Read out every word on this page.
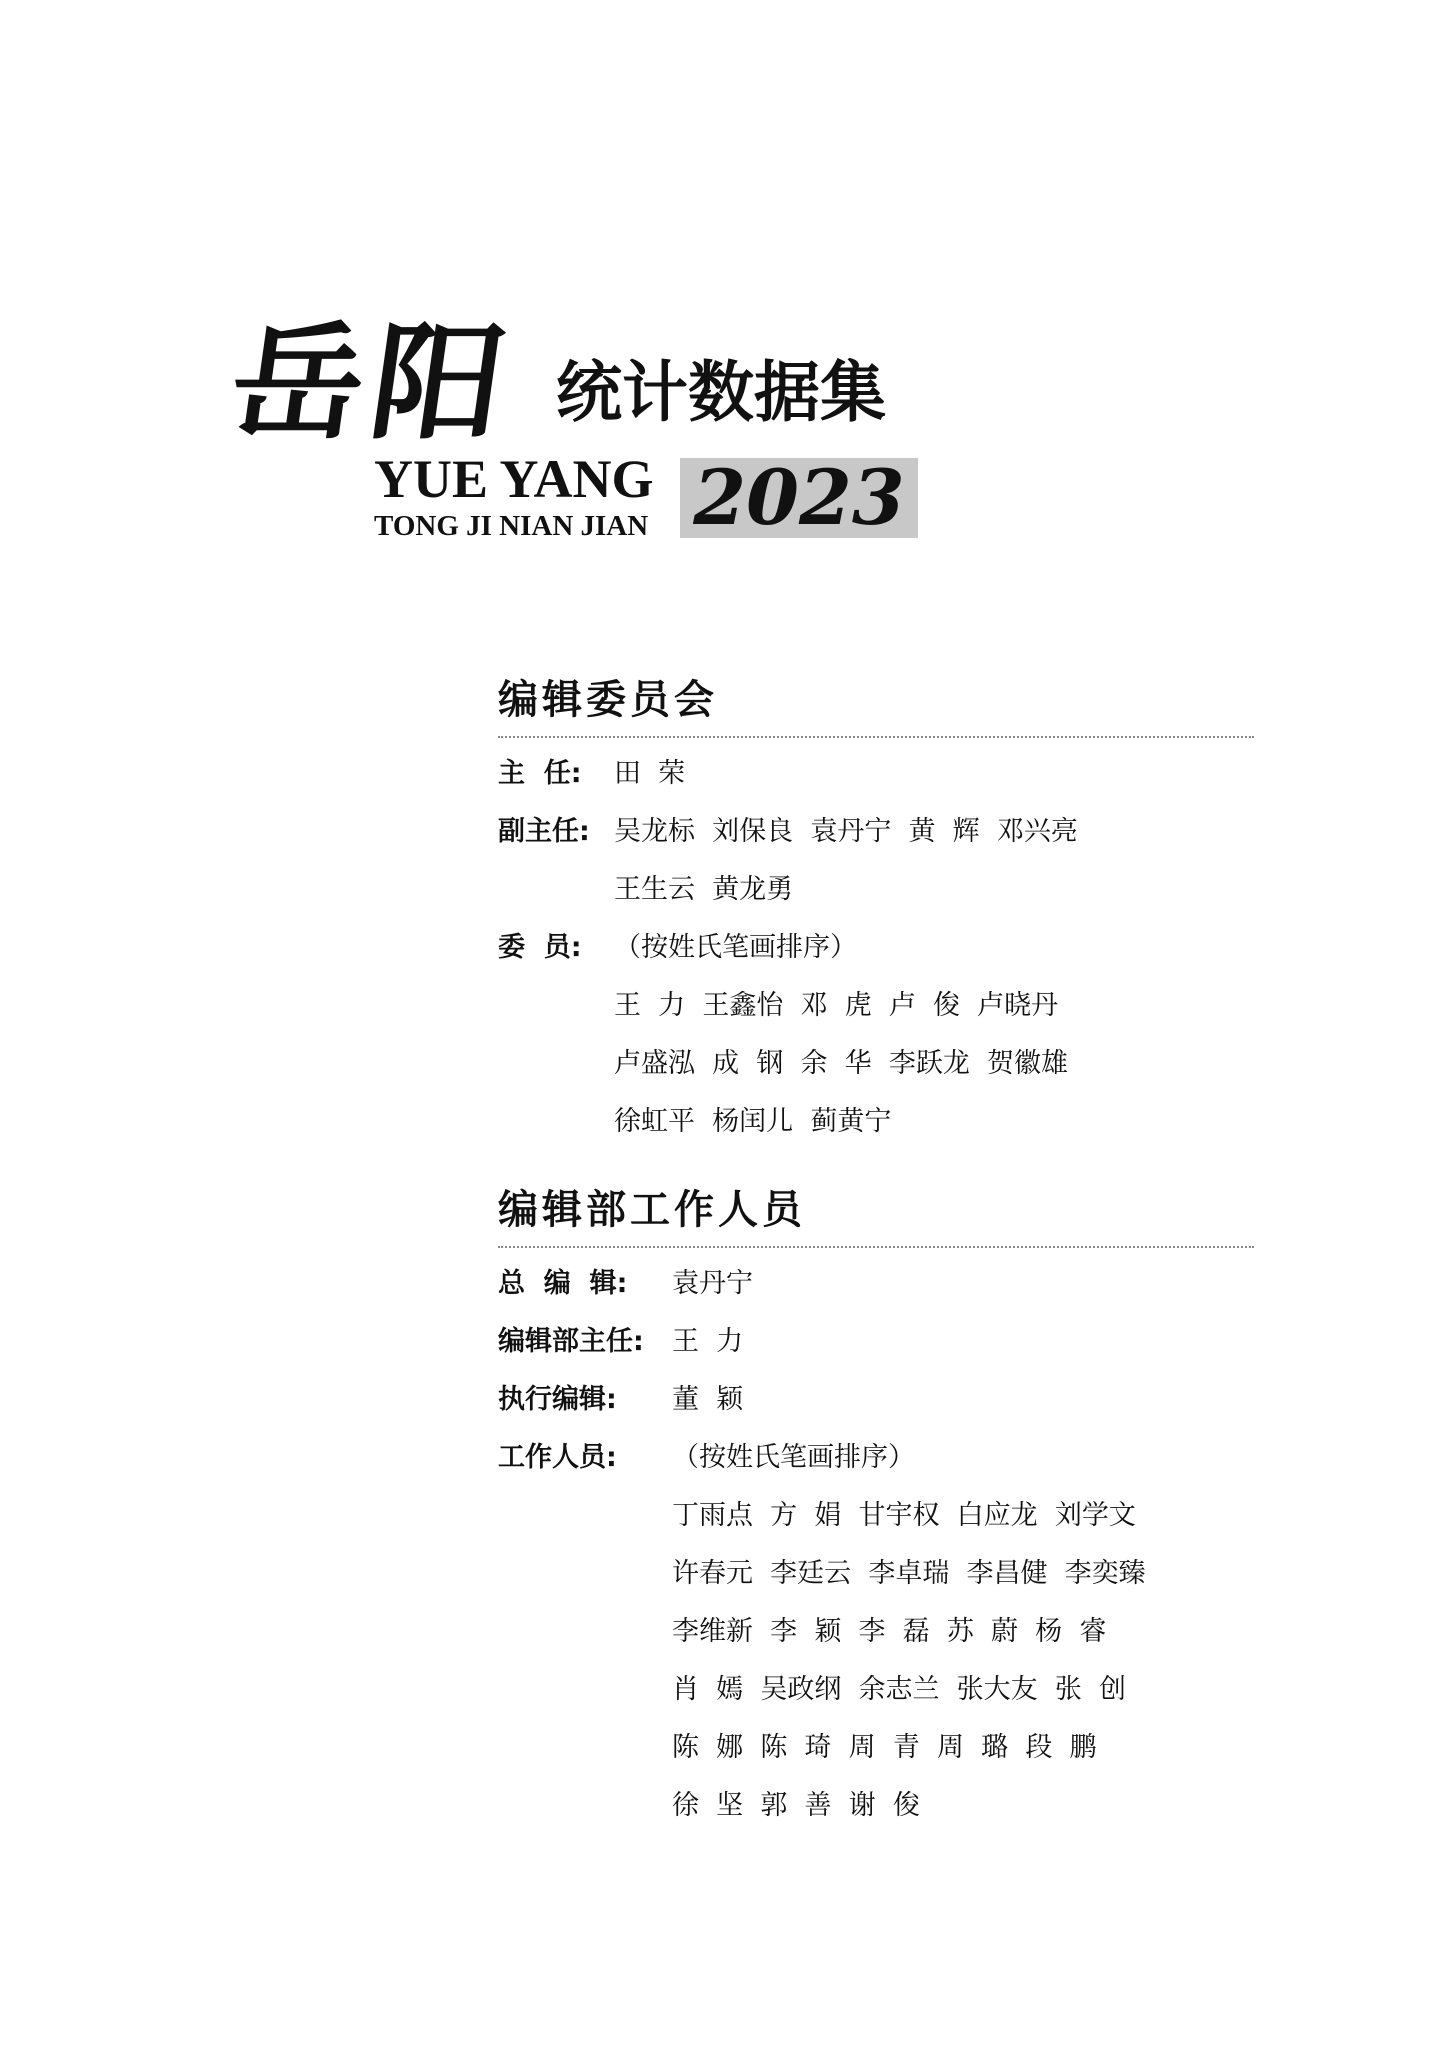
岳阳 统计数据集
YUE YANG
TONG JI NIAN JIAN 2023
编辑委员会
主  任: 田  荣
副主任: 吴龙标  刘保良  袁丹宁  黄  辉  邓兴亮
王生云  黄龙勇
委  员: （按姓氏笔画排序）
王  力  王鑫怡  邓  虎  卢  俊  卢晓丹
卢盛泓  成  钢  余  华  李跃龙  贺徽雄
徐虹平  杨闰儿  蓟黄宁
编辑部工作人员
总  编  辑: 袁丹宁
编辑部主任: 王  力
执行编辑: 董  颖
工作人员: （按姓氏笔画排序）
丁雨点  方  娟  甘宇权  白应龙  刘学文
许春元  李廷云  李卓瑞  李昌健  李奕臻
李维新  李  颖  李  磊  苏  蔚  杨  睿
肖  嫣  吴政纲  余志兰  张大友  张  创
陈  娜  陈  琦  周  青  周  璐  段  鹏
徐  坚  郭  善  谢  俊
